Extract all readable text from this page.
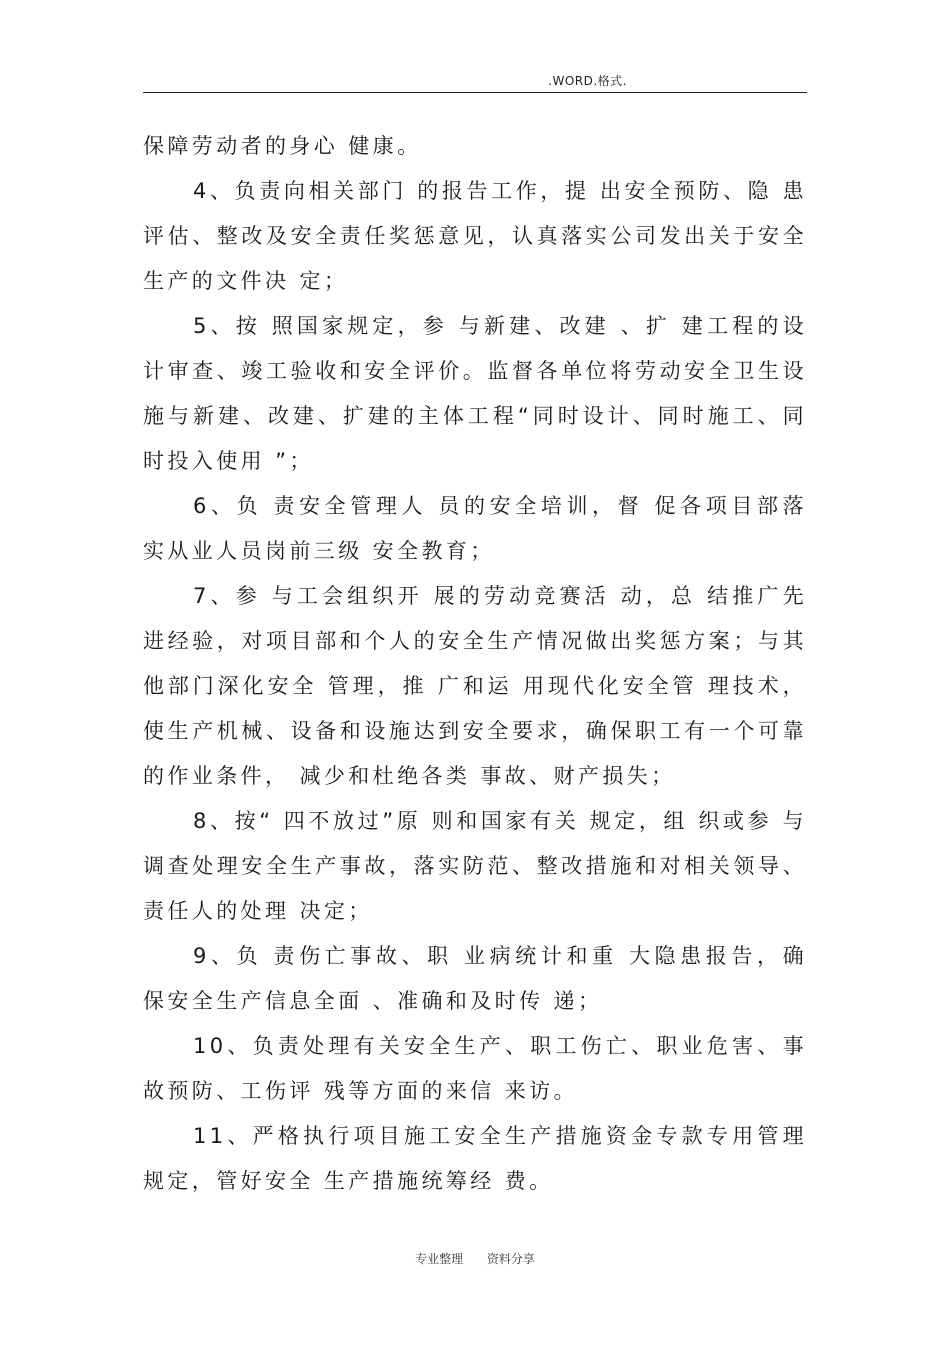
.WORD.格式.

保障劳动者的身心 健康。

4、负责向相关部门 的报告工作，提 出安全预防、隐 患评估、整改及安全责任奖惩意见，认真落实公司发出关于安全生产的文件决 定；

5、按 照国家规定，参 与新建、改建 、扩 建工程的设 计审查、竣工验收和安全评价。监督各单位将劳动安全卫生设施与新建、改建、扩建的主体工程“同时设计、同时施工、同时投入使用 ”；

6、负 责安全管理人 员的安全培训，督 促各项目部落 实从业人员岗前三级 安全教育；

7、参 与工会组织开 展的劳动竞赛活 动，总 结推广先 进经验，对项目部和个人的安全生产情况做出奖惩方案；与其他部门深化安全 管理，推 广和运 用现代化安全管 理技术，使生产机械、设备和设施达到安全要求，确保职工有一个可靠的作业条件， 减少和杜绝各类 事故、财产损失；

8、按“ 四不放过”原 则和国家有关 规定，组 织或参 与调查处理安全生产事故，落实防范、整改措施和对相关领导、责任人的处理 决定；

9、负 责伤亡事故、职 业病统计和重 大隐患报告，确 保安全生产信息全面 、准确和及时传 递；

10、负责处理有关安全生产、职工伤亡、职业危害、事故预防、工伤评 残等方面的来信 来访。

11、严格执行项目施工安全生产措施资金专款专用管理规定，管好安全 生产措施统筹经 费。

专业整理 资料分享
